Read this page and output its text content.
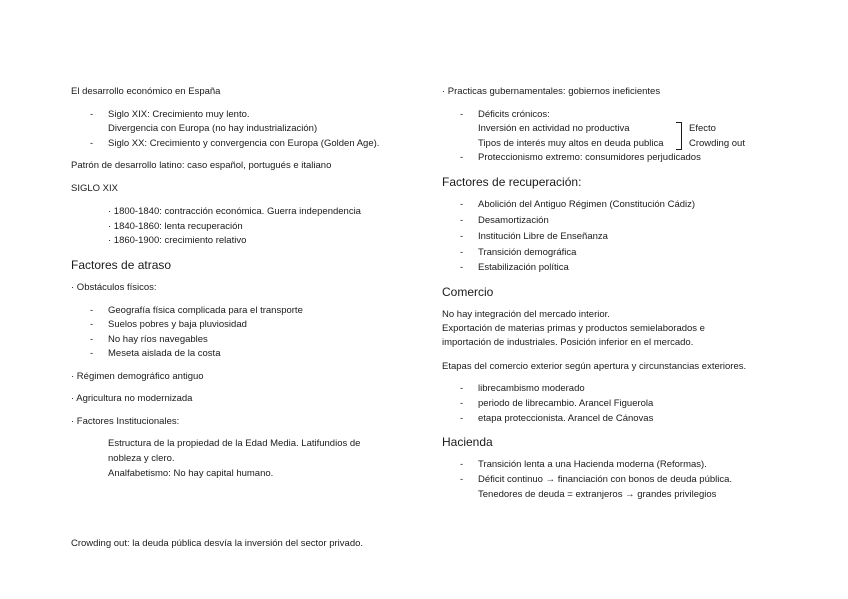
El desarrollo económico en España
- Siglo XIX: Crecimiento muy lento.
Divergencia con Europa (no hay industrialización)
- Siglo XX: Crecimiento y convergencia con Europa (Golden Age).
Patrón de desarrollo latino: caso español, portugués e italiano
SIGLO XIX
· 1800-1840: contracción económica. Guerra independencia
· 1840-1860: lenta recuperación
· 1860-1900: crecimiento relativo
Factores de atraso
· Obstáculos físicos:
- Geografía física complicada para el transporte
- Suelos pobres y baja pluviosidad
- No hay ríos navegables
- Meseta aislada de la costa
· Régimen demográfico antiguo
· Agricultura no modernizada
· Factores Institucionales:
Estructura de la propiedad de la Edad Media. Latifundios de
nobleza y clero.
Analfabetismo: No hay capital humano.
Crowding out: la deuda pública desvía la inversión del sector privado.
· Practicas gubernamentales: gobiernos ineficientes
- Déficits crónicos:
Inversión en actividad no productiva
Tipos de interés muy altos en deuda publica
Efecto
Crowding out
- Proteccionismo extremo: consumidores perjudicados
Factores de recuperación:
- Abolición del Antiguo Régimen (Constitución Cádiz)
- Desamortización
- Institución Libre de Enseñanza
- Transición demográfica
- Estabilización política
Comercio
No hay integración del mercado interior.
Exportación de materias primas y productos semielaborados e
importación de industriales. Posición inferior en el mercado.
Etapas del comercio exterior según apertura y circunstancias exteriores.
- librecambismo moderado
- periodo de librecambio. Arancel Figuerola
- etapa proteccionista. Arancel de Cánovas
Hacienda
- Transición lenta a una Hacienda moderna (Reformas).
- Déficit continuo → financiación con bonos de deuda pública.
Tenedores de deuda = extranjeros → grandes privilegios
